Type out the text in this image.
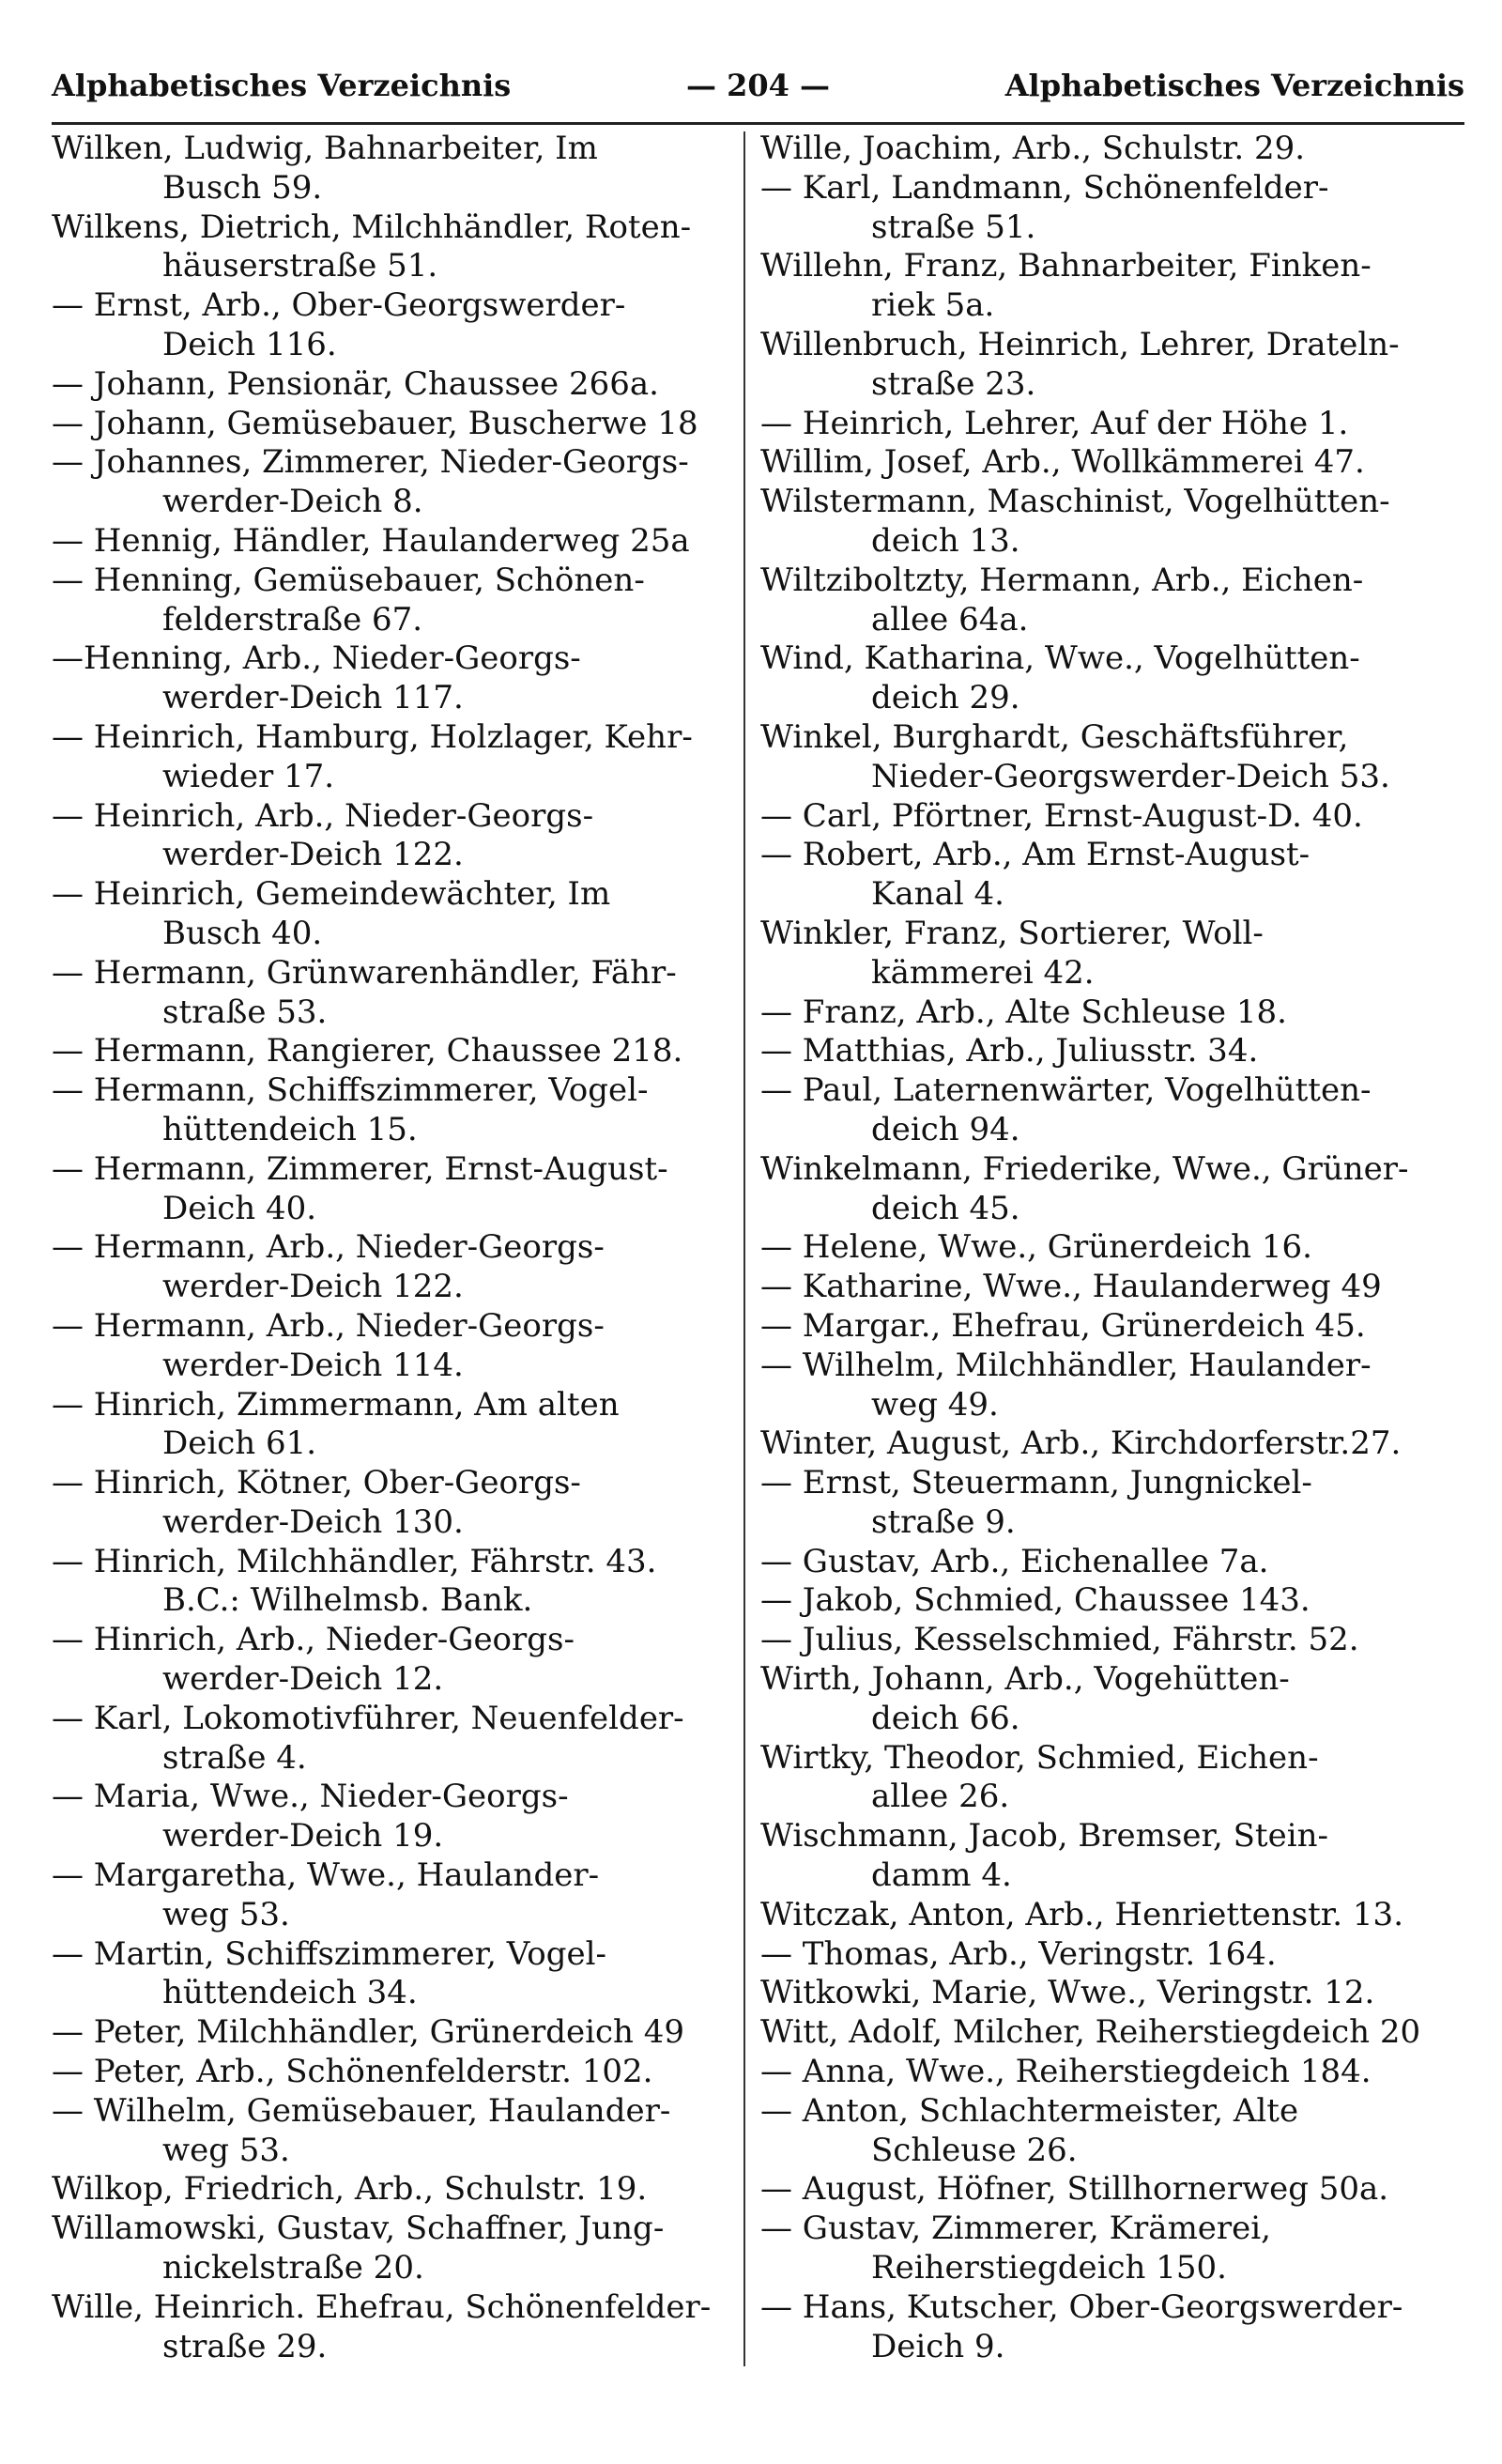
Alphabetisches Verzeichnis	— 204 —	Alphabetisches Verzeichnis
Wilken, Ludwig, Bahnarbeiter, Im
Busch 59.
Wilkens, Dietrich, Milchhändler, Roten-
häuserstraße 51.
— Ernst, Arb., Ober-Georgswerder-
Deich 116.
— Johann, Pensionär, Chaussee 266a.
— Johann, Gemüsebauer, Buscherwe 18
— Johannes, Zimmerer, Nieder-Georgs-
werder-Deich 8.
— Hennig, Händler, Haulanderweg 25a
— Henning, Gemüsebauer, Schönen-
felderstraße 67.
—Henning, Arb., Nieder-Georgs-
werder-Deich 117.
— Heinrich, Hamburg, Holzlager, Kehr-
wieder 17.
— Heinrich, Arb., Nieder-Georgs-
werder-Deich 122.
— Heinrich, Gemeindewächter, Im
Busch 40.
— Hermann, Grünwarenhändler, Fähr-
straße 53.
— Hermann, Rangierer, Chaussee 218.
— Hermann, Schiffszimmerer, Vogel-
hüttendeich 15.
— Hermann, Zimmerer, Ernst-August-
Deich 40.
— Hermann, Arb., Nieder-Georgs-
werder-Deich 122.
— Hermann, Arb., Nieder-Georgs-
werder-Deich 114.
— Hinrich, Zimmermann, Am alten
Deich 61.
— Hinrich, Kötner, Ober-Georgs-
werder-Deich 130.
— Hinrich, Milchhändler, Fährstr. 43.
B.C.: Wilhelmsb. Bank.
— Hinrich, Arb., Nieder-Georgs-
werder-Deich 12.
— Karl, Lokomotivführer, Neuenfelder-
straße 4.
— Maria, Wwe., Nieder-Georgs-
werder-Deich 19.
— Margaretha, Wwe., Haulander-
weg 53.
— Martin, Schiffszimmerer, Vogel-
hüttendeich 34.
— Peter, Milchhändler, Grünerdeich 49
— Peter, Arb., Schönenfelderstr. 102.
— Wilhelm, Gemüsebauer, Haulander-
weg 53.
Wilkop, Friedrich, Arb., Schulstr. 19.
Willamowski, Gustav, Schaffner, Jung-
nickelstraße 20.
Wille, Heinrich. Ehefrau, Schönenfelder-
straße 29.
Wille, Joachim, Arb., Schulstr. 29.
— Karl, Landmann, Schönenfelder-
straße 51.
Willehn, Franz, Bahnarbeiter, Finken-
riek 5a.
Willenbruch, Heinrich, Lehrer, Drateln-
straße 23.
— Heinrich, Lehrer, Auf der Höhe 1.
Willim, Josef, Arb., Wollkämmerei 47.
Wilstermann, Maschinist, Vogelhütten-
deich 13.
Wiltziboltzty, Hermann, Arb., Eichen-
allee 64a.
Wind, Katharina, Wwe., Vogelhütten-
deich 29.
Winkel, Burghardt, Geschäftsführer,
Nieder-Georgswerder-Deich 53.
— Carl, Pförtner, Ernst-August-D. 40.
— Robert, Arb., Am Ernst-August-
Kanal 4.
Winkler, Franz, Sortierer, Woll-
kämmerei 42.
— Franz, Arb., Alte Schleuse 18.
— Matthias, Arb., Juliusstr. 34.
— Paul, Laternenwärter, Vogelhütten-
deich 94.
Winkelmann, Friederike, Wwe., Grüner-
deich 45.
— Helene, Wwe., Grünerdeich 16.
— Katharine, Wwe., Haulanderweg 49
— Margar., Ehefrau, Grünerdeich 45.
— Wilhelm, Milchhändler, Haulander-
weg 49.
Winter, August, Arb., Kirchdorferstr.27.
— Ernst, Steuermann, Jungnickel-
straße 9.
— Gustav, Arb., Eichenallee 7a.
— Jakob, Schmied, Chaussee 143.
— Julius, Kesselschmied, Fährstr. 52.
Wirth, Johann, Arb., Vogehütten-
deich 66.
Wirtky, Theodor, Schmied, Eichen-
allee 26.
Wischmann, Jacob, Bremser, Stein-
damm 4.
Witczak, Anton, Arb., Henriettenstr. 13.
— Thomas, Arb., Veringstr. 164.
Witkowki, Marie, Wwe., Veringstr. 12.
Witt, Adolf, Milcher, Reiherstiegdeich 20
— Anna, Wwe., Reiherstiegdeich 184.
— Anton, Schlachtermeister, Alte
Schleuse 26.
— August, Höfner, Stillhornerweg 50a.
— Gustav, Zimmerer, Krämerei,
Reiherstiegdeich 150.
— Hans, Kutscher, Ober-Georgswerder-
Deich 9.
